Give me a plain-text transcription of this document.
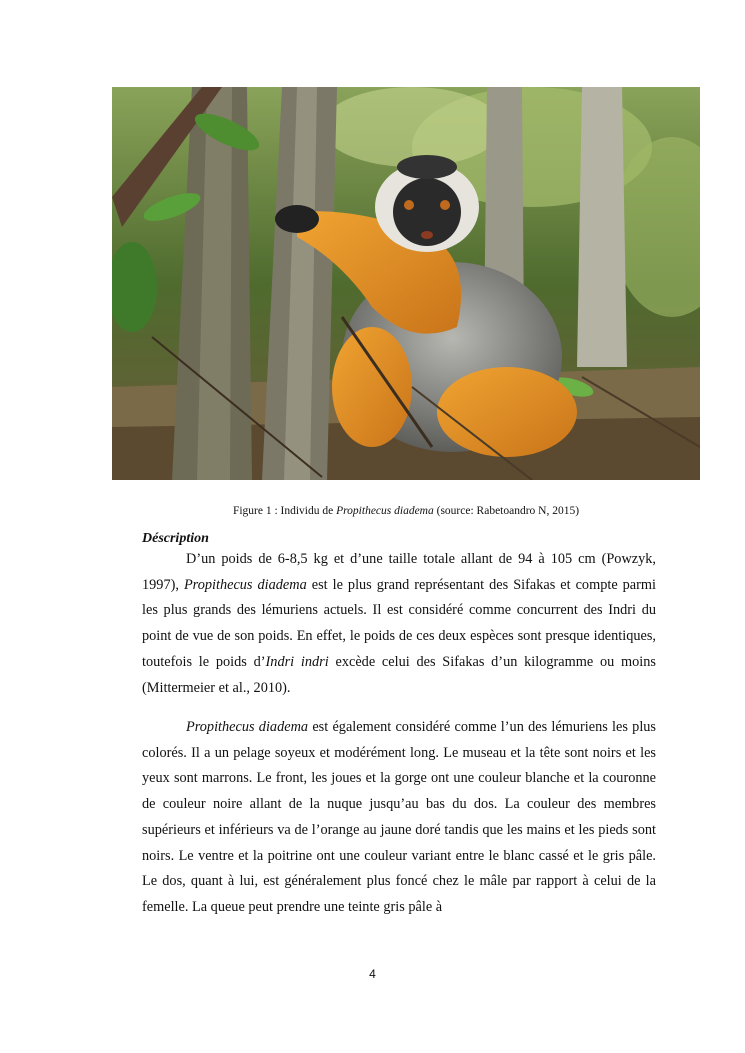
Figure 1 : Individu de Propithecus diadema (source: Rabetoandro N, 2015)
Déscription

D’un poids de 6-8,5 kg et d’une taille totale allant de 94 à 105 cm (Powzyk, 1997), Propithecus diadema est le plus grand représentant des Sifakas et compte parmi les plus grands des lémuriens actuels. Il est considéré comme concurrent des Indri du point de vue de son poids. En effet, le poids de ces deux espèces sont presque identiques, toutefois le poids d’Indri indri excède celui des Sifakas d’un kilogramme ou moins (Mittermeier et al., 2010).

Propithecus diadema est également considéré comme l’un des lémuriens les plus colorés. Il a un pelage soyeux et modérément long. Le museau et la tête sont noirs et les yeux sont marrons. Le front, les joues et la gorge ont une couleur blanche et la couronne de couleur noire allant de la nuque jusqu’au bas du dos. La couleur des membres supérieurs et inférieurs va de l’orange au jaune doré tandis que les mains et les pieds sont noirs. Le ventre et la poitrine ont une couleur variant entre le blanc cassé et le gris pâle. Le dos, quant à lui, est généralement plus foncé chez le mâle par rapport à celui de la femelle. La queue peut prendre une teinte gris pâle à

4
